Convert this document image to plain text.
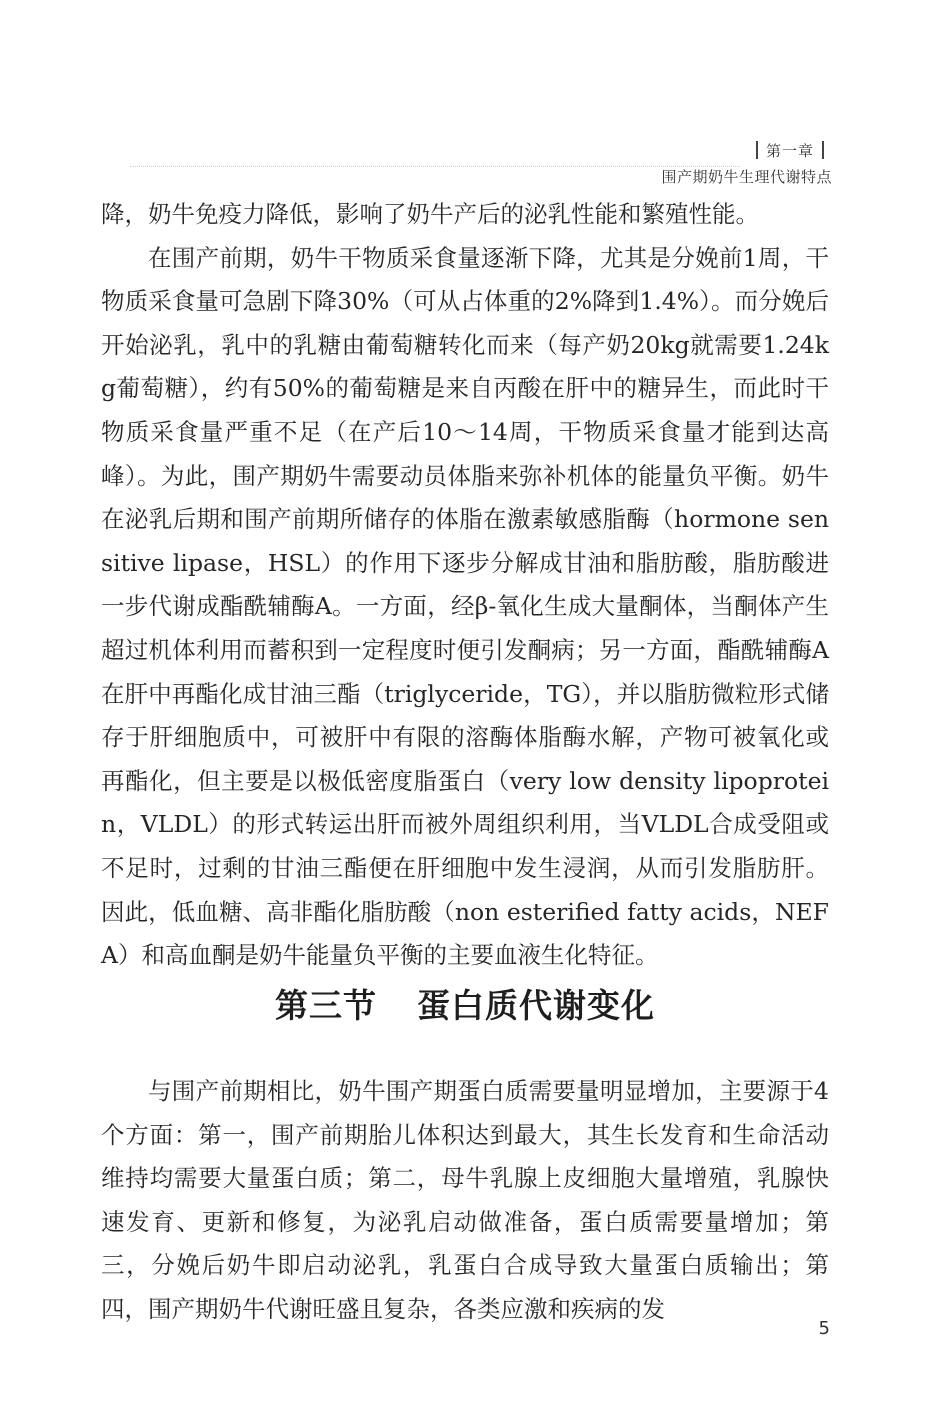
第一章
围产期奶牛生理代谢特点

降，奶牛免疫力降低，影响了奶牛产后的泌乳性能和繁殖性能。

在围产前期，奶牛干物质采食量逐渐下降，尤其是分娩前1周，干物质采食量可急剧下降30%（可从占体重的2%降到1.4%）。而分娩后开始泌乳，乳中的乳糖由葡萄糖转化而来（每产奶20kg就需要1.24kg葡萄糖），约有50%的葡萄糖是来自丙酸在肝中的糖异生，而此时干物质采食量严重不足（在产后10～14周，干物质采食量才能到达高峰）。为此，围产期奶牛需要动员体脂来弥补机体的能量负平衡。奶牛在泌乳后期和围产前期所储存的体脂在激素敏感脂酶（hormone sensitive lipase，HSL）的作用下逐步分解成甘油和脂肪酸，脂肪酸进一步代谢成酯酰辅酶A。一方面，经β-氧化生成大量酮体，当酮体产生超过机体利用而蓄积到一定程度时便引发酮病；另一方面，酯酰辅酶A在肝中再酯化成甘油三酯（triglyceride，TG），并以脂肪微粒形式储存于肝细胞质中，可被肝中有限的溶酶体脂酶水解，产物可被氧化或再酯化，但主要是以极低密度脂蛋白（very low density lipoprotein，VLDL）的形式转运出肝而被外周组织利用，当VLDL合成受阻或不足时，过剩的甘油三酯便在肝细胞中发生浸润，从而引发脂肪肝。因此，低血糖、高非酯化脂肪酸（non esterified fatty acids，NEFA）和高血酮是奶牛能量负平衡的主要血液生化特征。

第三节 蛋白质代谢变化

与围产前期相比，奶牛围产期蛋白质需要量明显增加，主要源于4个方面：第一，围产前期胎儿体积达到最大，其生长发育和生命活动维持均需要大量蛋白质；第二，母牛乳腺上皮细胞大量增殖，乳腺快速发育、更新和修复，为泌乳启动做准备，蛋白质需要量增加；第三，分娩后奶牛即启动泌乳，乳蛋白合成导致大量蛋白质输出；第四，围产期奶牛代谢旺盛且复杂，各类应激和疾病的发

5
